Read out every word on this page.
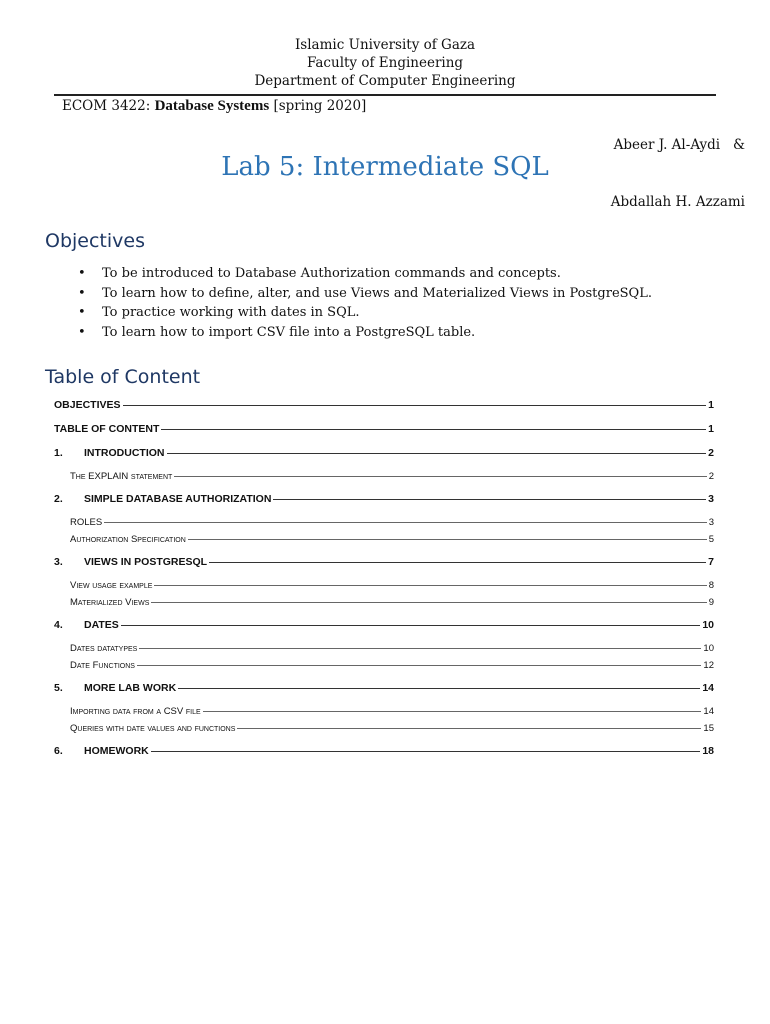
Islamic University of Gaza
Faculty of Engineering
Department of Computer Engineering
ECOM 3422: Database Systems [spring 2020]

Abeer J. Al-Aydi   &

Abdallah H. Azzami

Lab 5: Intermediate SQL
Objectives
• To be introduced to Database Authorization commands and concepts.
• To learn how to define, alter, and use Views and Materialized Views in PostgreSQL.
• To practice working with dates in SQL.
• To learn how to import CSV file into a PostgreSQL table.
Table of Content
OBJECTIVES	1
TABLE OF CONTENT	1
1.	INTRODUCTION	2
The EXPLAIN statement	2
2.	SIMPLE DATABASE AUTHORIZATION	3
ROLES	3
Authorization Specification	5
3.	VIEWS IN POSTGRESQL	7
View usage example	8
Materialized Views	9
4.	DATES	10
Dates datatypes	10
Date Functions	12
5.	MORE LAB WORK	14
Importing data from a CSV file	14
Queries with date values and functions	15
6.	HOMEWORK	18
